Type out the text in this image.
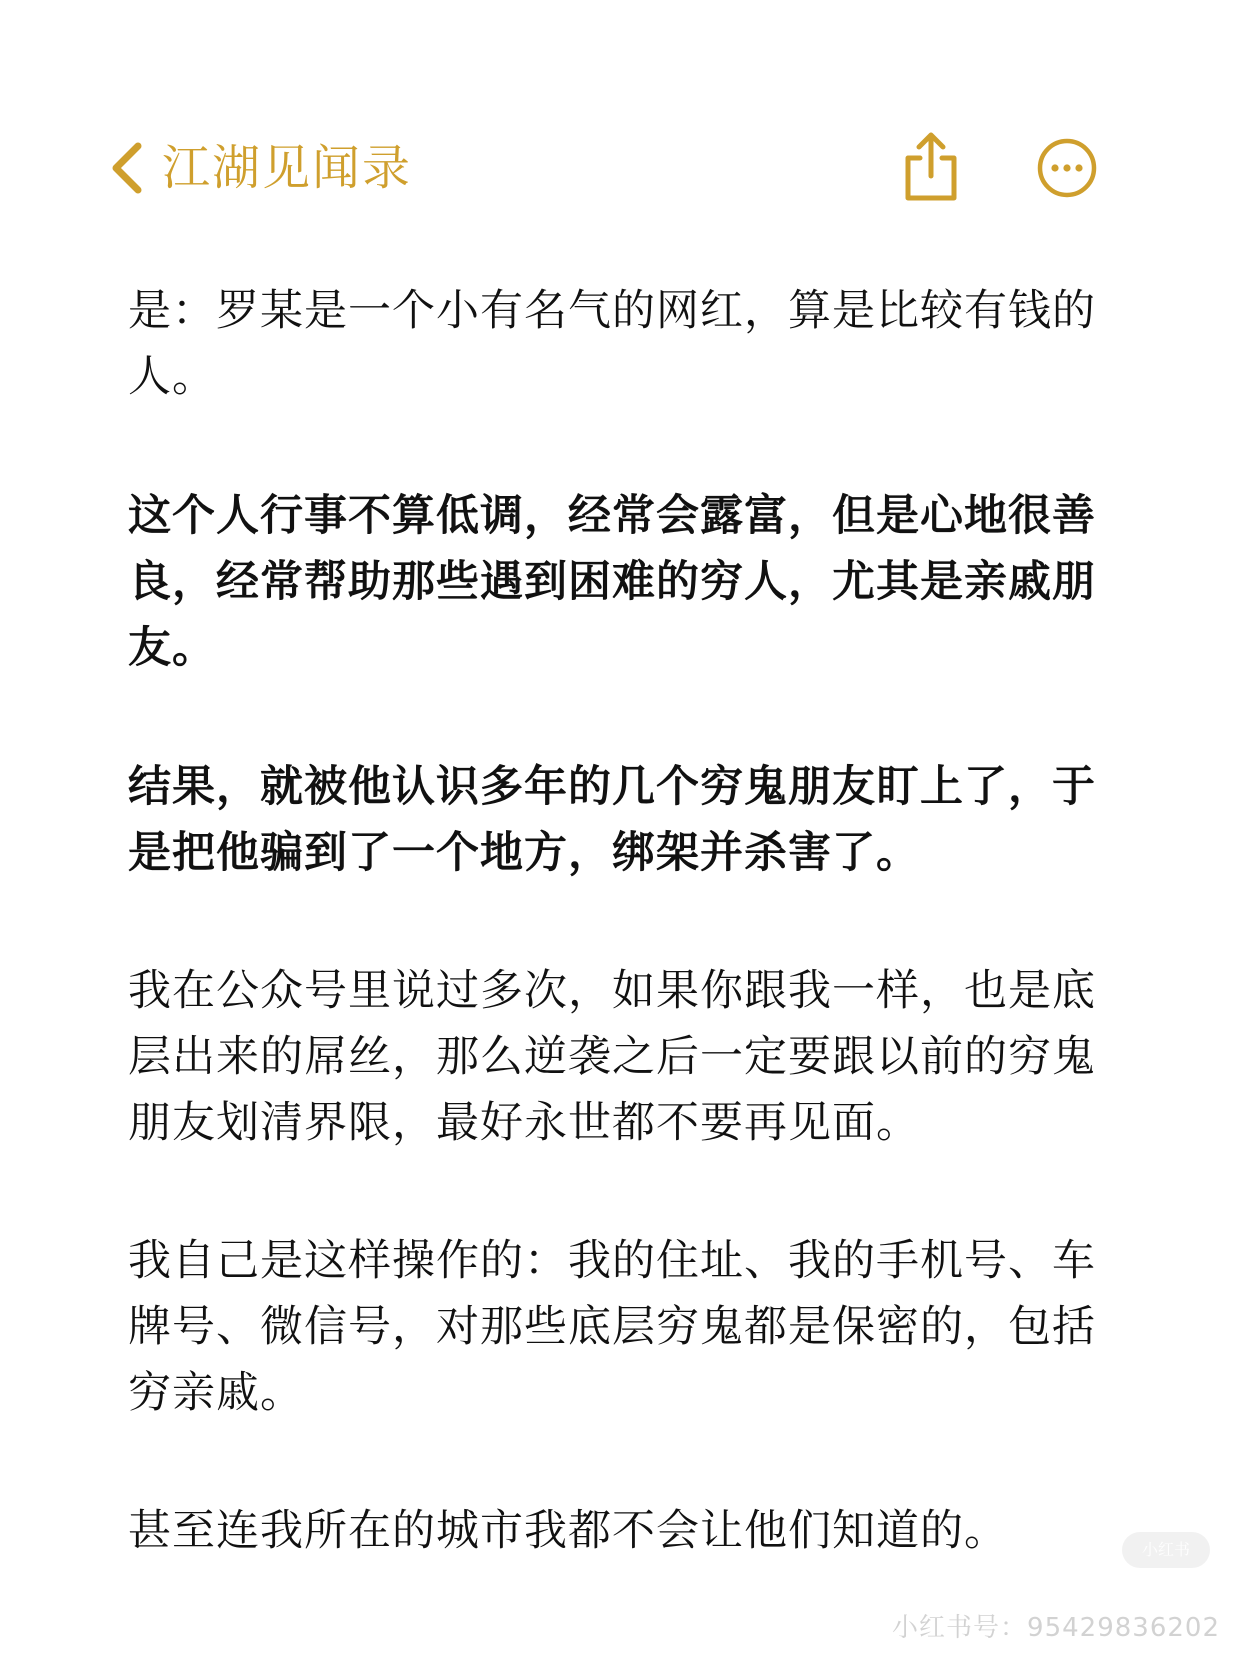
江湖见闻录

是：罗某是一个小有名气的网红，算是比较有钱的人。

这个人行事不算低调，经常会露富，但是心地很善良，经常帮助那些遇到困难的穷人，尤其是亲戚朋友。

结果，就被他认识多年的几个穷鬼朋友盯上了，于是把他骗到了一个地方，绑架并杀害了。

我在公众号里说过多次，如果你跟我一样，也是底层出来的屌丝，那么逆袭之后一定要跟以前的穷鬼朋友划清界限，最好永世都不要再见面。

我自己是这样操作的：我的住址、我的手机号、车牌号、微信号，对那些底层穷鬼都是保密的，包括穷亲戚。

甚至连我所在的城市我都不会让他们知道的。	小红书
小红书号：95429836202
